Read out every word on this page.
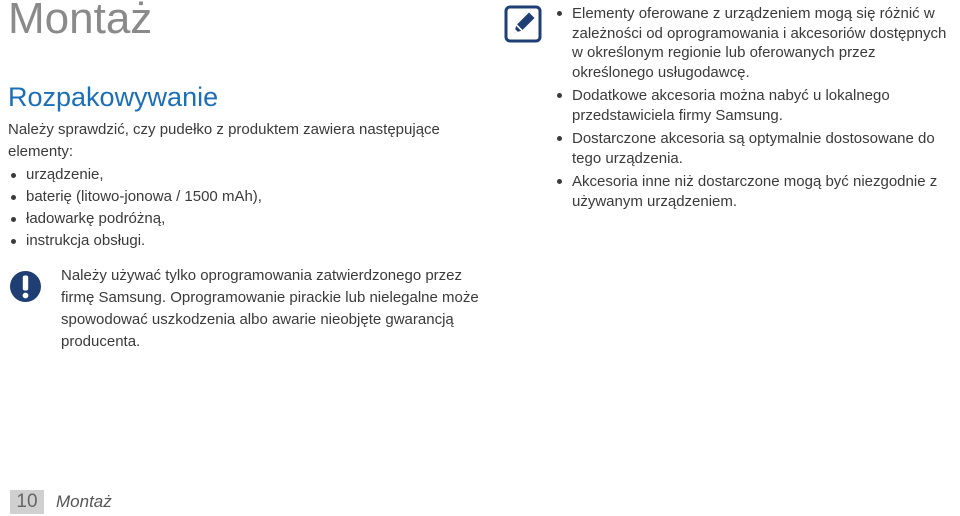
Montaż
Rozpakowywanie

Należy sprawdzić, czy pudełko z produktem zawiera następujące elementy:

urządzenie,
baterię (litowo-jonowa / 1500 mAh),
ładowarkę podróżną,
instrukcja obsługi.

Należy używać tylko oprogramowania zatwierdzonego przez firmę Samsung. Oprogramowanie pirackie lub nielegalne może spowodować uszkodzenia albo awarie nieobjęte gwarancją producenta.

Elementy oferowane z urządzeniem mogą się różnić w zależności od oprogramowania i akcesoriów dostępnych w określonym regionie lub oferowanych przez określonego usługodawcę.
Dodatkowe akcesoria można nabyć u lokalnego przedstawiciela firmy Samsung.
Dostarczone akcesoria są optymalnie dostosowane do tego urządzenia.
Akcesoria inne niż dostarczone mogą być niezgodnie z używanym urządzeniem.
10	Montaż
